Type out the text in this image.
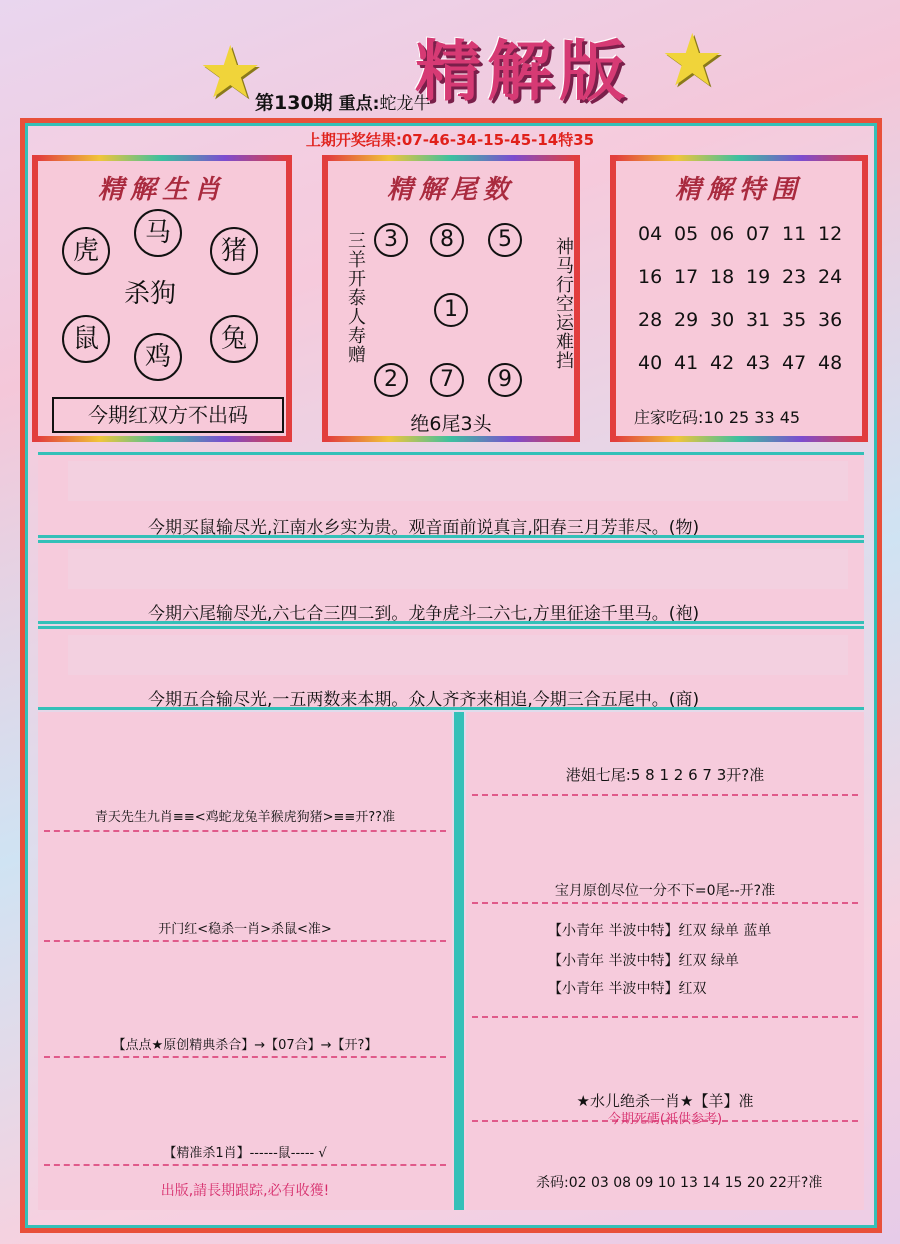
★ 精解版 ★
第130期 重点:蛇龙牛
上期开奖结果:07-46-34-15-45-14特35
精解生肖
虎
马
猪
杀狗
鼠
鸡
兔
今期红双方不出码
精解尾数
三羊开泰人寿赠 3	8	5
1
2	7	9
神马行空运难挡
绝6尾3头
精解特围
04 05 06 07 11 12
16 17 18 19 23 24
28 29 30 31 35 36
40 41 42 43 47 48
庄家吃码:10 25 33 45
今期买鼠输尽光,江南水乡实为贵。观音面前说真言,阳春三月芳菲尽。(物)
今期六尾输尽光,六七合三四二到。龙争虎斗二六七,方里征途千里马。(袍)
今期五合输尽光,一五两数来本期。众人齐齐来相追,今期三合五尾中。(商)
青天先生九肖≡≡<鸡蛇龙兔羊猴虎狗猪>≡≡开??准
开门红<稳杀一肖>杀鼠<准>
【点点★原创精典杀合】→【07合】→【开?】
【精准杀1肖】------鼠----- √
出版,請長期跟踪,必有收獲!
港姐七尾:5 8 1 2 6 7 3开?准
宝月原创尽位一分不下=0尾--开?准
【小青年 半波中特】红双 绿单 蓝单
【小青年 半波中特】红双 绿单
【小青年 半波中特】红双
★水儿绝杀一肖★【羊】准
今期死碼(衹供参考)
杀码:02 03 08 09 10 13 14 15 20 22开?准
